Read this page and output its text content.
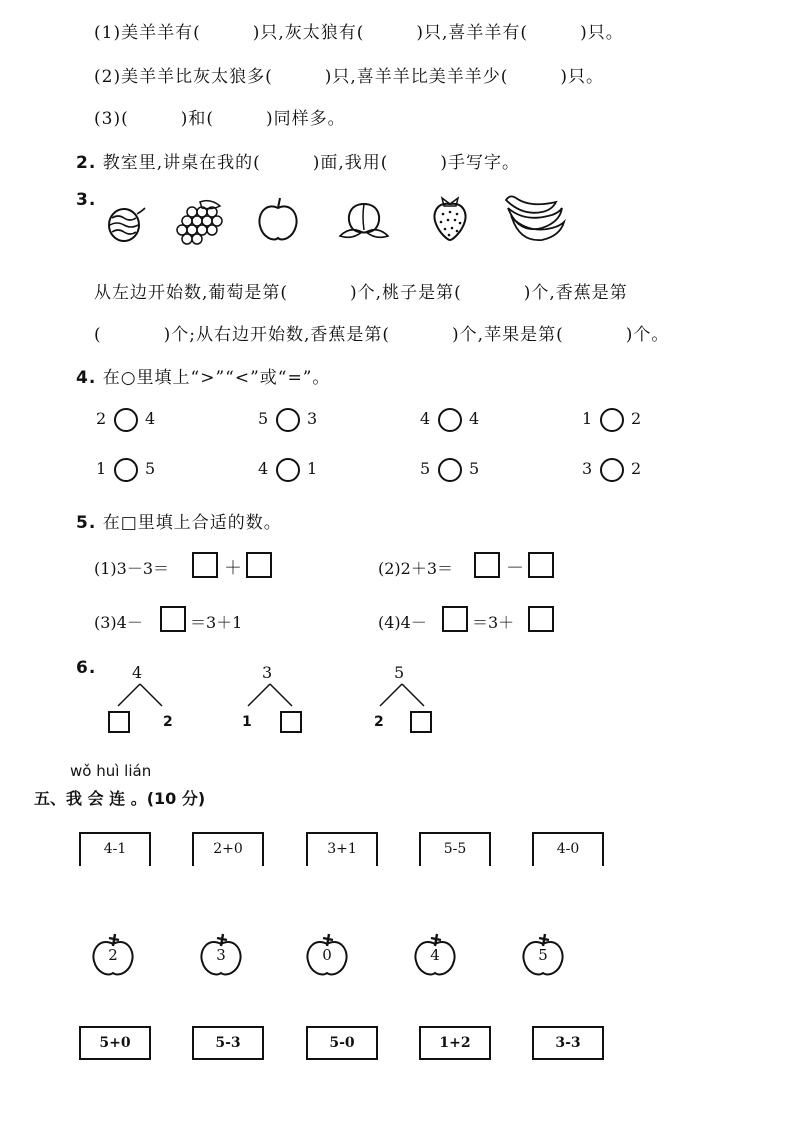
(1)美羊羊有(	)只,灰太狼有(	)只,喜羊羊有(	)只。
(2)美羊羊比灰太狼多(	)只,喜羊羊比美羊羊少(	)只。
(3)(	)和(	)同样多。
2. 教室里,讲桌在我的(	)面,我用(	)手写字。
3.
从左边开始数,葡萄是第(	)个,桃子是第(	)个,香蕉是第
(	)个;从右边开始数,香蕉是第(	)个,苹果是第(	)个。
4. 在○里填上“>”“<”或“=”。
2 4	5 3	4 4	1 2
1 5	4 1	5 5	3 2
5. 在□里填上合适的数。
(1)3－3＝	＋	(2)2＋3＝	－
(3)4－	＝3＋1	(4)4－	＝3＋
6. 4
2
3
1
5
2
wǒ huì lián
五、我 会 连 。(10 分)
4-1	2+0	3+1	5-5	4-0
2	3	0	4	5
5+0	5-3	5-0	1+2	3-3
